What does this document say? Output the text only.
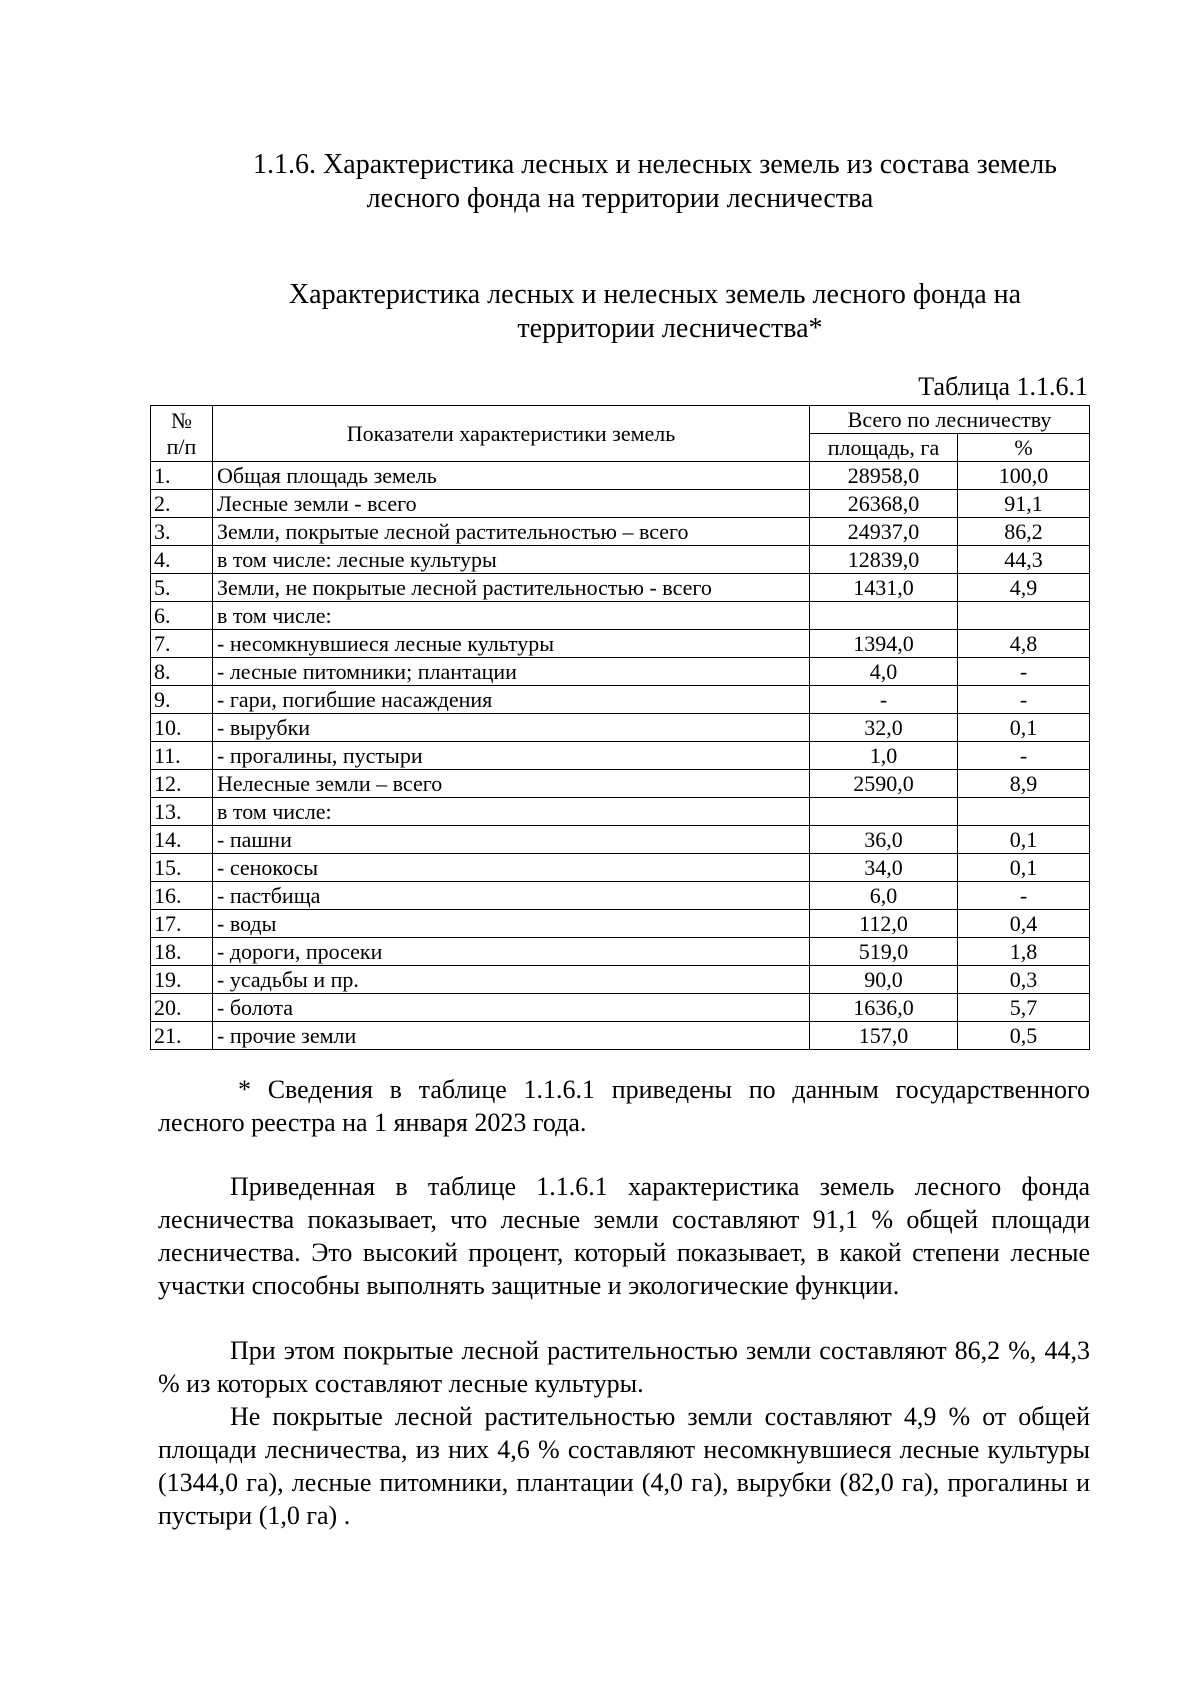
1.1.6. Характеристика лесных и нелесных земель из состава земель
лесного фонда на территории лесничества
Характеристика лесных и нелесных земель лесного фонда на
территории лесничества*
Таблица 1.1.6.1
№
п/п	Показатели характеристики земель	Всего по лесничеству	
		площадь, га	%
1.	Общая площадь земель	28958,0	100,0
2.	Лесные земли - всего	26368,0	91,1
3.	Земли, покрытые лесной растительностью – всего	24937,0	86,2
4.	в том числе: лесные культуры	12839,0	44,3
5.	Земли, не покрытые лесной растительностью - всего	1431,0	4,9
6.	в том числе:		
7.	- несомкнувшиеся лесные культуры	1394,0	4,8
8.	- лесные питомники; плантации	4,0	-
9.	- гари, погибшие насаждения	-	-
10.	- вырубки	32,0	0,1
11.	- прогалины, пустыри	1,0	-
12.	Нелесные земли – всего	2590,0	8,9
13.	в том числе:		
14.	- пашни	36,0	0,1
15.	- сенокосы	34,0	0,1
16.	- пастбища	6,0	-
17.	- воды	112,0	0,4
18.	- дороги, просеки	519,0	1,8
19.	- усадьбы и пр.	90,0	0,3
20.	- болота	1636,0	5,7
21.	- прочие земли	157,0	0,5

* Сведения в таблице 1.1.6.1 приведены по данным государственного лесного реестра на 1 января 2023 года.

Приведенная в таблице 1.1.6.1 характеристика земель лесного фонда лесничества показывает, что лесные земли составляют 91,1 % общей площади лесничества. Это высокий процент, который показывает, в какой степени лесные участки способны выполнять защитные и экологические функции.

При этом покрытые лесной растительностью земли составляют 86,2 %, 44,3 % из которых составляют лесные культуры.

Не покрытые лесной растительностью земли составляют 4,9 % от общей площади лесничества, из них 4,6 % составляют несомкнувшиеся лесные культуры (1344,0 га), лесные питомники, плантации (4,0 га), вырубки (82,0 га), прогалины и пустыри (1,0 га) .
